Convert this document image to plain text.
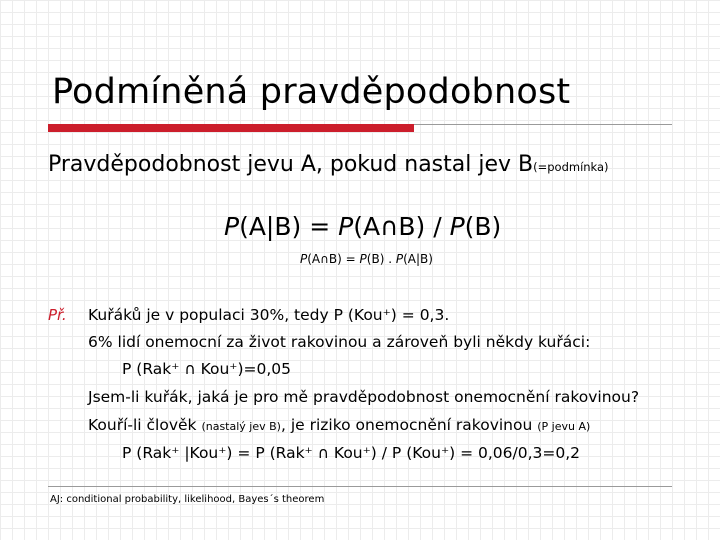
Podmíněná pravděpodobnost
Pravděpodobnost jevu A, pokud nastal jev B(=podmínka)
P(A|B) = P(A∩B) / P(B)
P(A∩B) = P(B) . P(A|B)
Př. Kuřáků je v populaci 30%, tedy P (Kou⁺) = 0,3.
6% lidí onemocní za život rakovinou a zároveň byli někdy kuřáci:
P (Rak⁺ ∩ Kou⁺)=0,05
Jsem-li kuřák, jaká je pro mě pravděpodobnost onemocnění rakovinou?
Kouří-li člověk (nastalý jev B), je riziko onemocnění rakovinou (P jevu A)
P (Rak⁺ |Kou⁺) = P (Rak⁺ ∩ Kou⁺) / P (Kou⁺) = 0,06/0,3=0,2
AJ: conditional probability, likelihood, Bayes´s theorem
